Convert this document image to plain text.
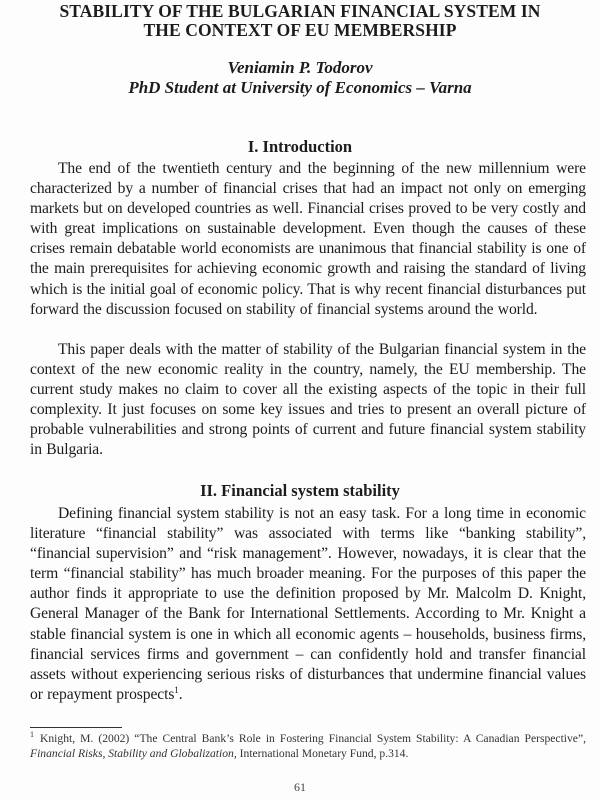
STABILITY OF THE BULGARIAN FINANCIAL SYSTEM IN
THE CONTEXT OF EU MEMBERSHIP
Veniamin P. Todorov
PhD Student at University of Economics – Varna
I. Introduction

The end of the twentieth century and the beginning of the new millennium were characterized by a number of financial crises that had an impact not only on emerging markets but on developed countries as well. Financial crises proved to be very costly and with great implications on sustainable development. Even though the causes of these crises remain debatable world economists are unanimous that financial stability is one of the main prerequisites for achieving economic growth and raising the standard of living which is the initial goal of economic policy. That is why recent financial disturbances put forward the discussion focused on stability of financial systems around the world.

This paper deals with the matter of stability of the Bulgarian financial system in the context of the new economic reality in the country, namely, the EU membership. The current study makes no claim to cover all the existing aspects of the topic in their full complexity. It just focuses on some key issues and tries to present an overall picture of probable vulnerabilities and strong points of current and future financial system stability in Bulgaria.

II. Financial system stability

Defining financial system stability is not an easy task. For a long time in economic literature “financial stability” was associated with terms like “banking stability”, “financial supervision” and “risk management”. However, nowadays, it is clear that the term “financial stability” has much broader meaning. For the purposes of this paper the author finds it appropriate to use the definition proposed by Mr. Malcolm D. Knight, General Manager of the Bank for International Settlements. According to Mr. Knight a stable financial system is one in which all economic agents – households, business firms, financial services firms and government – can confidently hold and transfer financial assets without experiencing serious risks of disturbances that undermine financial values or repayment prospects$^1$.

$^1$ Knight, M. (2002) “The Central Bank’s Role in Fostering Financial System Stability: A Canadian Perspective”, Financial Risks, Stability and Globalization, International Monetary Fund, p.314.

61
